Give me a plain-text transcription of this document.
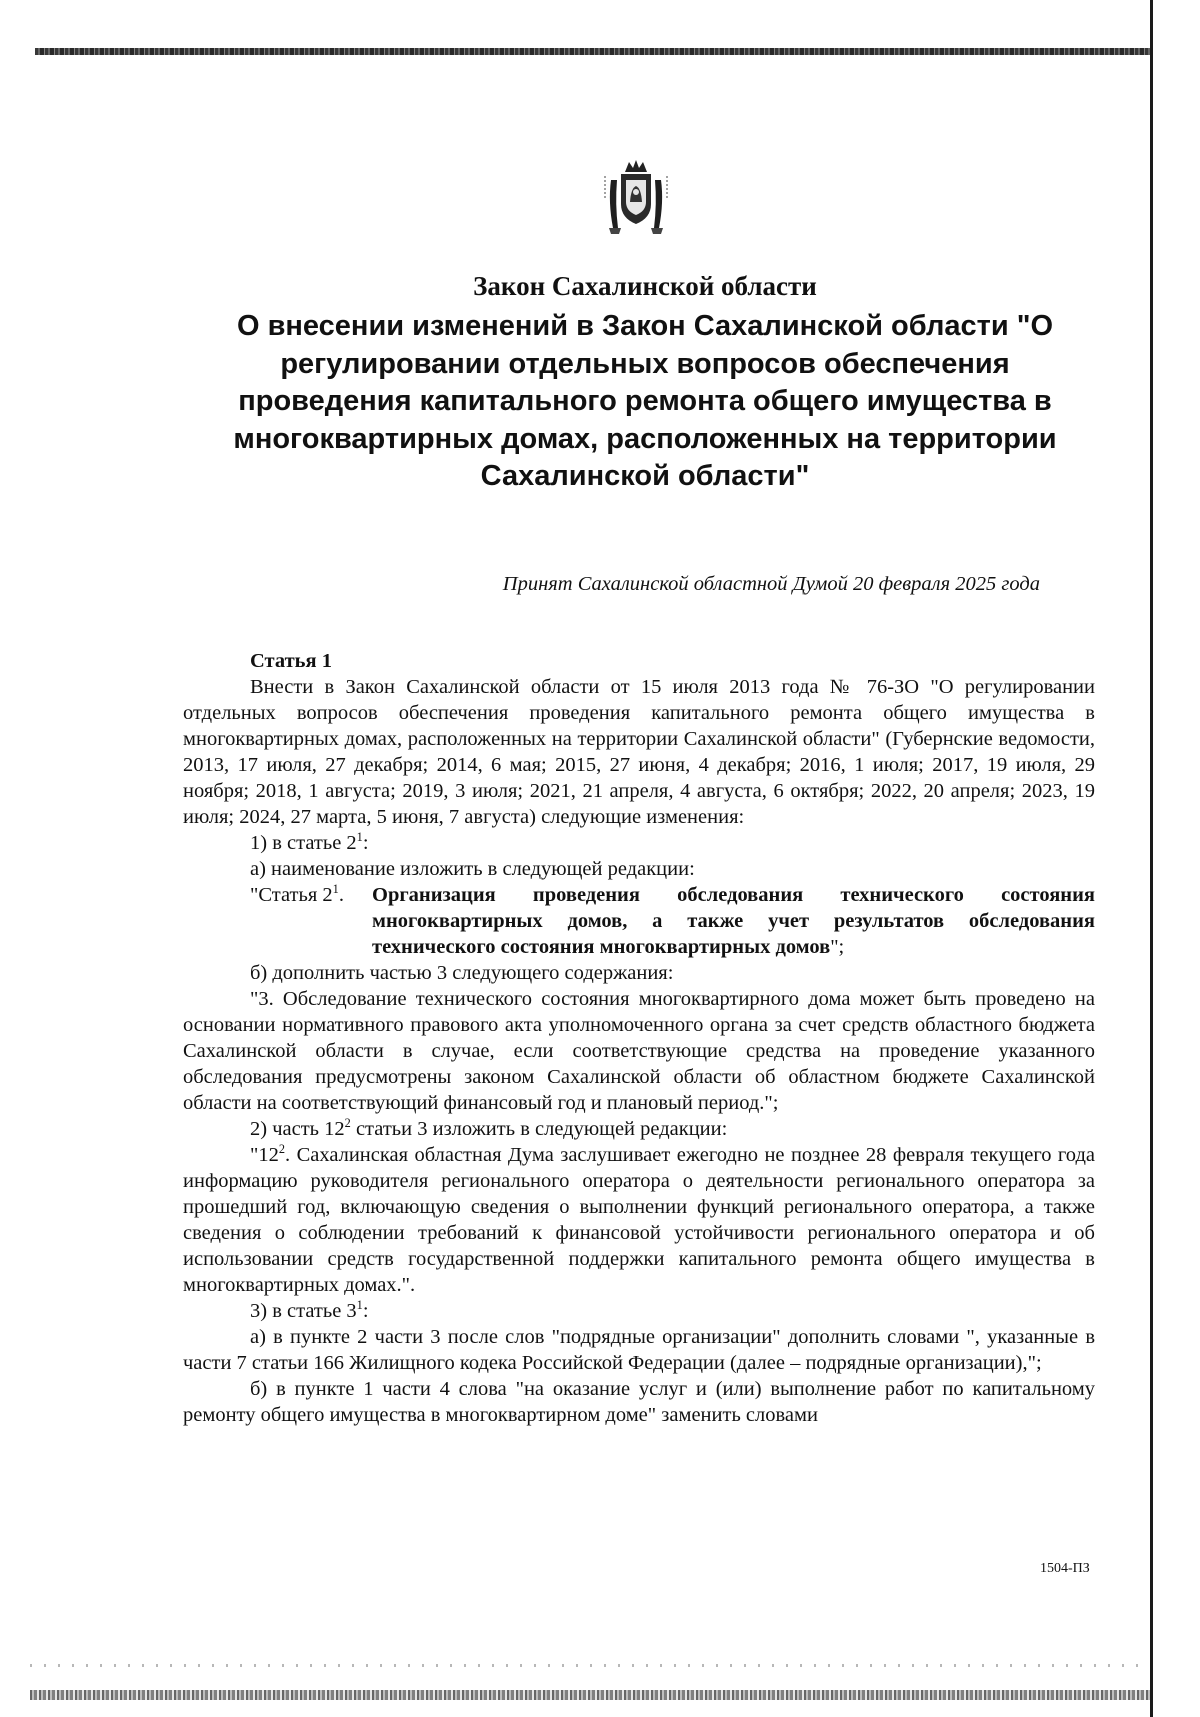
Закон Сахалинской области

О внесении изменений в Закон Сахалинской области "О регулировании отдельных вопросов обеспечения проведения капитального ремонта общего имущества в многоквартирных домах, расположенных на территории Сахалинской области"

Принят Сахалинской областной Думой 20 февраля 2025 года

Статья 1

Внести в Закон Сахалинской области от 15 июля 2013 года № 76-ЗО "О регулировании отдельных вопросов обеспечения проведения капитального ремонта общего имущества в многоквартирных домах, расположенных на территории Сахалинской области" (Губернские ведомости, 2013, 17 июля, 27 декабря; 2014, 6 мая; 2015, 27 июня, 4 декабря; 2016, 1 июля; 2017, 19 июля, 29 ноября; 2018, 1 августа; 2019, 3 июля; 2021, 21 апреля, 4 августа, 6 октября; 2022, 20 апреля; 2023, 19 июля; 2024, 27 марта, 5 июня, 7 августа) следующие изменения:

1) в статье $2^1$:

а) наименование изложить в следующей редакции:

"Статья $2^1$.	Организация проведения обследования технического состояния многоквартирных домов, а также учет результатов обследования технического состояния многоквартирных домов";

б) дополнить частью 3 следующего содержания:

"3. Обследование технического состояния многоквартирного дома может быть проведено на основании нормативного правового акта уполномоченного органа за счет средств областного бюджета Сахалинской области в случае, если соответствующие средства на проведение указанного обследования предусмотрены законом Сахалинской области об областном бюджете Сахалинской области на соответствующий финансовый год и плановый период.";

2) часть $12^2$ статьи 3 изложить в следующей редакции:

"$12^2$. Сахалинская областная Дума заслушивает ежегодно не позднее 28 февраля текущего года информацию руководителя регионального оператора о деятельности регионального оператора за прошедший год, включающую сведения о выполнении функций регионального оператора, а также сведения о соблюдении требований к финансовой устойчивости регионального оператора и об использовании средств государственной поддержки капитального ремонта общего имущества в многоквартирных домах.".

3) в статье $3^1$:

а) в пункте 2 части 3 после слов "подрядные организации" дополнить словами ", указанные в части 7 статьи 166 Жилищного кодека Российской Федерации (далее – подрядные организации),";

б) в пункте 1 части 4 слова "на оказание услуг и (или) выполнение работ по капитальному ремонту общего имущества в многоквартирном доме" заменить словами

1504-ПЗ
